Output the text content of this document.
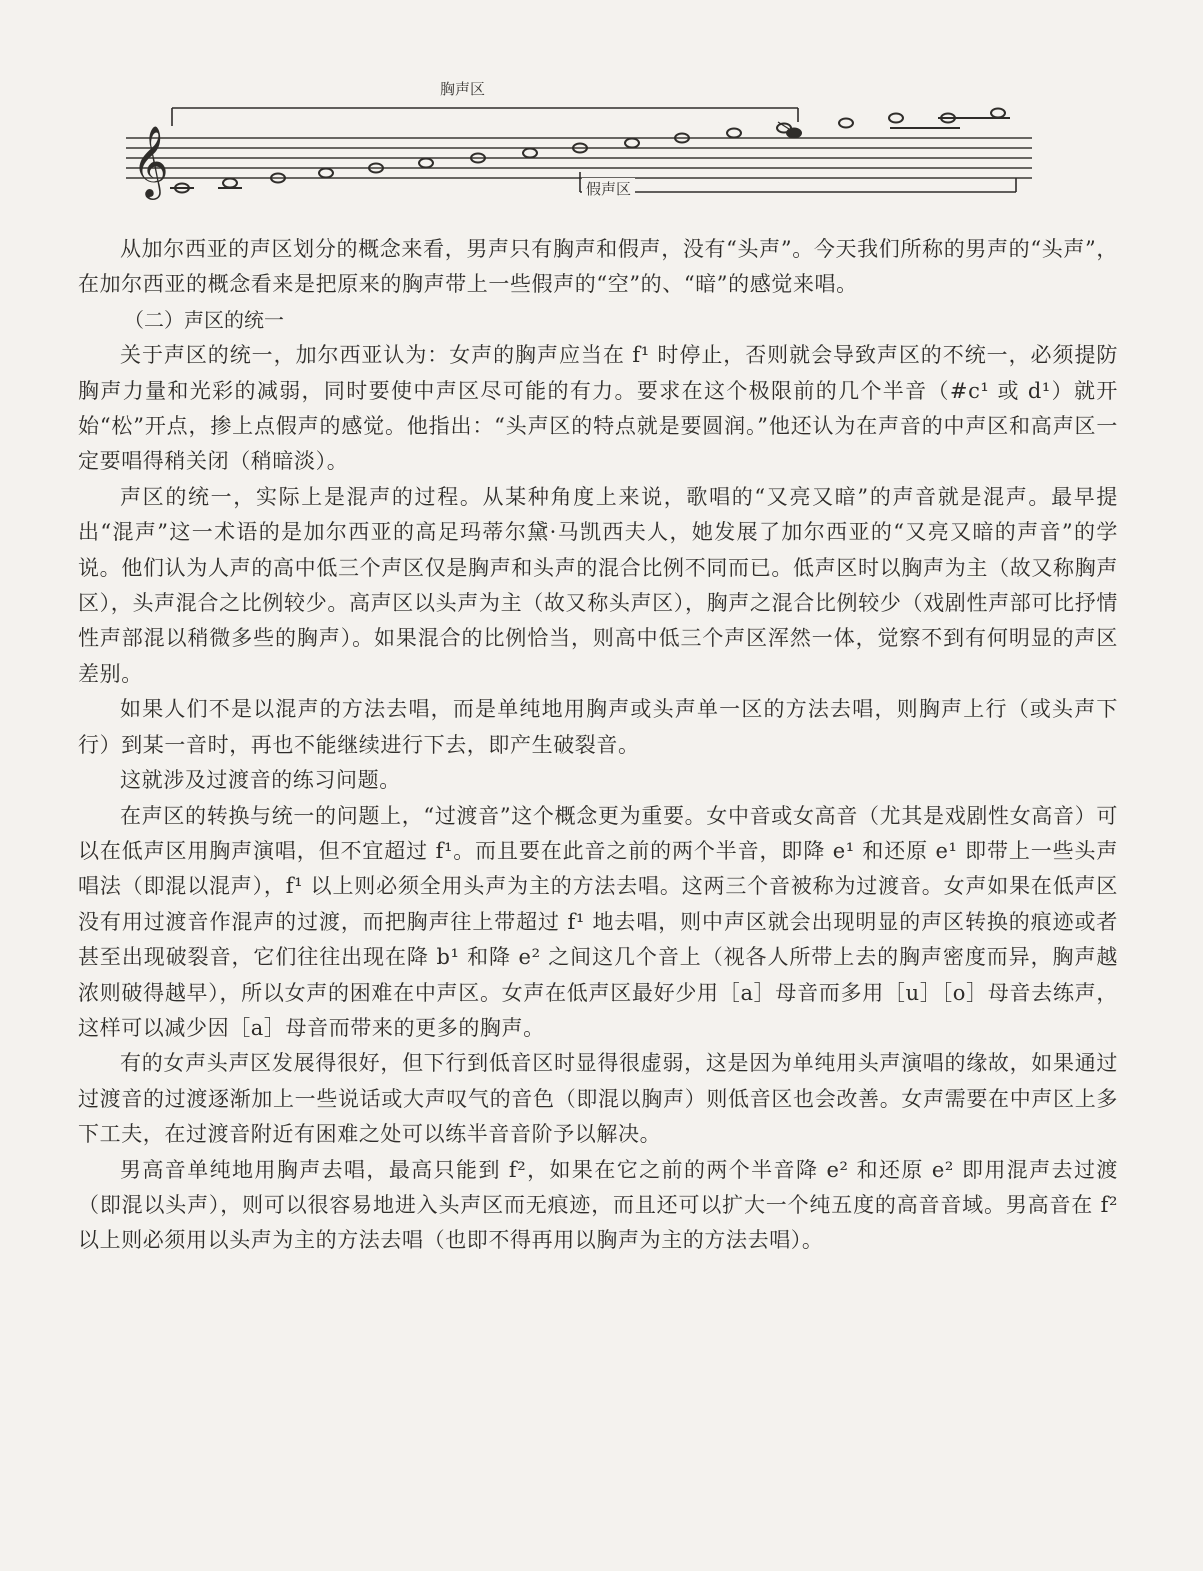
𝄞
胸声区
假声区

从加尔西亚的声区划分的概念来看，男声只有胸声和假声，没有“头声”。今天我们所称的男声的“头声”，在加尔西亚的概念看来是把原来的胸声带上一些假声的“空”的、“暗”的感觉来唱。

（二）声区的统一

关于声区的统一，加尔西亚认为：女声的胸声应当在 f¹ 时停止，否则就会导致声区的不统一，必须提防胸声力量和光彩的减弱，同时要使中声区尽可能的有力。要求在这个极限前的几个半音（#c¹ 或 d¹）就开始“松”开点，掺上点假声的感觉。他指出：“头声区的特点就是要圆润。”他还认为在声音的中声区和高声区一定要唱得稍关闭（稍暗淡）。

声区的统一，实际上是混声的过程。从某种角度上来说，歌唱的“又亮又暗”的声音就是混声。最早提出“混声”这一术语的是加尔西亚的高足玛蒂尔黛·马凯西夫人，她发展了加尔西亚的“又亮又暗的声音”的学说。他们认为人声的高中低三个声区仅是胸声和头声的混合比例不同而已。低声区时以胸声为主（故又称胸声区），头声混合之比例较少。高声区以头声为主（故又称头声区），胸声之混合比例较少（戏剧性声部可比抒情性声部混以稍微多些的胸声）。如果混合的比例恰当，则高中低三个声区浑然一体，觉察不到有何明显的声区差别。

如果人们不是以混声的方法去唱，而是单纯地用胸声或头声单一区的方法去唱，则胸声上行（或头声下行）到某一音时，再也不能继续进行下去，即产生破裂音。

这就涉及过渡音的练习问题。

在声区的转换与统一的问题上，“过渡音”这个概念更为重要。女中音或女高音（尤其是戏剧性女高音）可以在低声区用胸声演唱，但不宜超过 f¹。而且要在此音之前的两个半音，即降 e¹ 和还原 e¹ 即带上一些头声唱法（即混以混声），f¹ 以上则必须全用头声为主的方法去唱。这两三个音被称为过渡音。女声如果在低声区没有用过渡音作混声的过渡，而把胸声往上带超过 f¹ 地去唱，则中声区就会出现明显的声区转换的痕迹或者甚至出现破裂音，它们往往出现在降 b¹ 和降 e² 之间这几个音上（视各人所带上去的胸声密度而异，胸声越浓则破得越早），所以女声的困难在中声区。女声在低声区最好少用［a］母音而多用［u］［o］母音去练声，这样可以减少因［a］母音而带来的更多的胸声。

有的女声头声区发展得很好，但下行到低音区时显得很虚弱，这是因为单纯用头声演唱的缘故，如果通过过渡音的过渡逐渐加上一些说话或大声叹气的音色（即混以胸声）则低音区也会改善。女声需要在中声区上多下工夫，在过渡音附近有困难之处可以练半音音阶予以解决。

男高音单纯地用胸声去唱，最高只能到 f²，如果在它之前的两个半音降 e² 和还原 e² 即用混声去过渡（即混以头声），则可以很容易地进入头声区而无痕迹，而且还可以扩大一个纯五度的高音音域。男高音在 f² 以上则必须用以头声为主的方法去唱（也即不得再用以胸声为主的方法去唱）。
